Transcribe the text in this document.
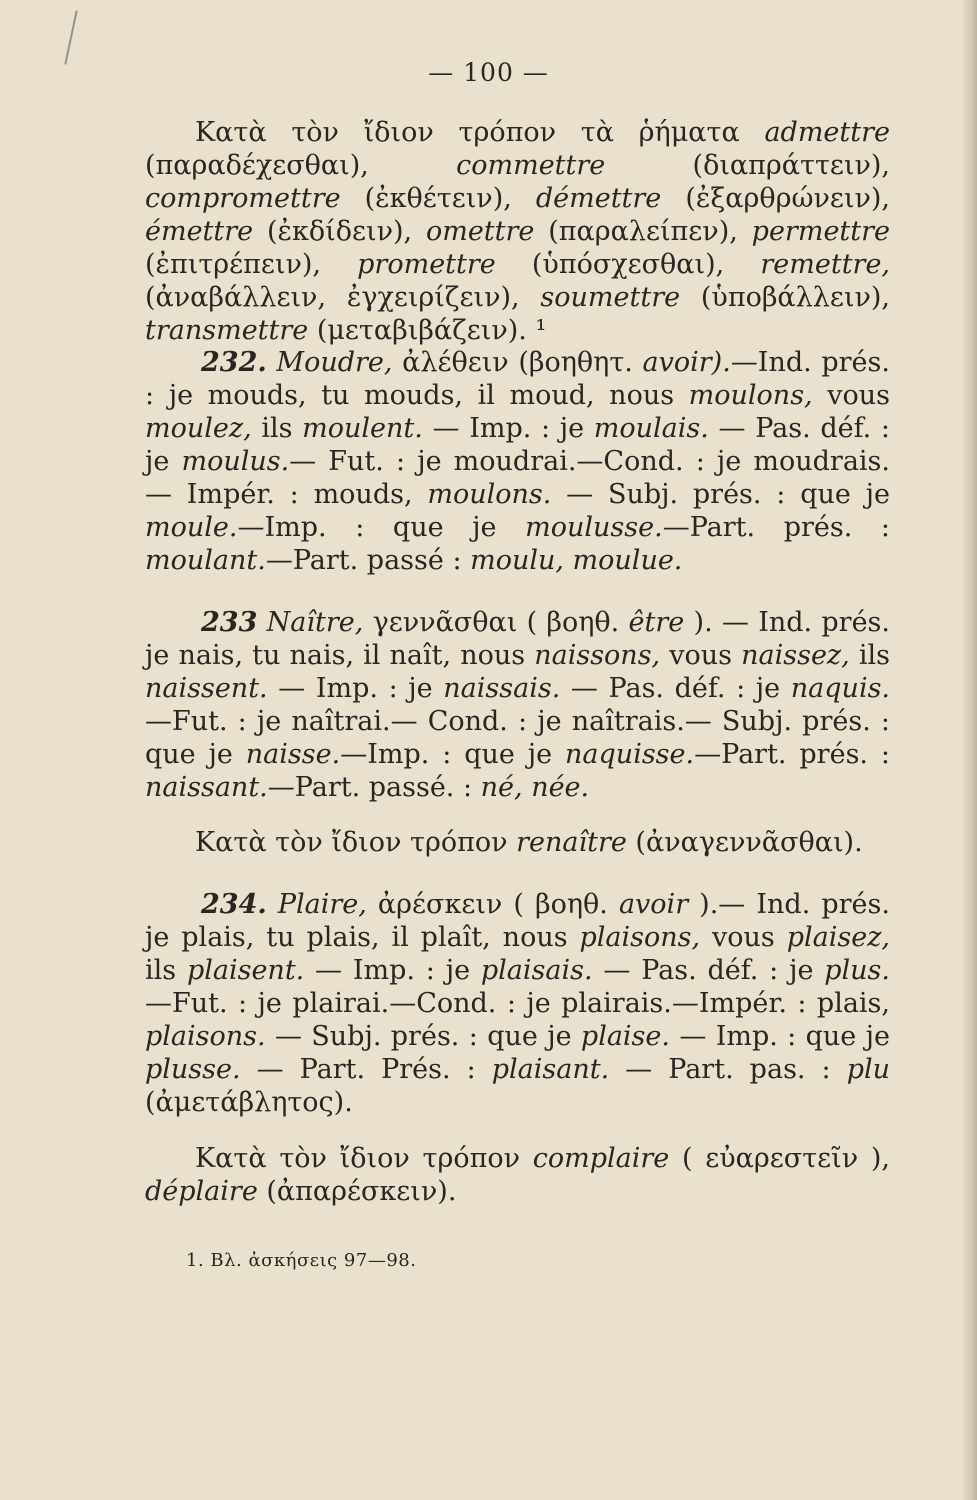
— 100 —

Κατὰ τὸν ἴδιον τρόπον τὰ ῥήματα admettre (παραδέχεσθαι), commettre (διαπράττειν), compromettre (ἐκθέτειν), démettre (ἐξαρθρώνειν), émettre (ἐκδίδειν), omettre (παραλείπεν), permettre (ἐπιτρέπειν), promettre (ὑπόσχεσθαι), remettre, (ἀναβάλλειν, ἐγχειρίζειν), soumettre (ὑποβάλλειν), transmettre (μεταβιβάζειν). ¹

232. Moudre, ἀλέθειν (βοηθητ. avoir).—Ind. prés. : je mouds, tu mouds, il moud, nous moulons, vous moulez, ils moulent. — Imp. : je moulais. — Pas. déf. : je moulus.— Fut. : je moudrai.—Cond. : je moudrais. — Impér. : mouds, moulons. — Subj. prés. : que je moule.—Imp. : que je moulusse.—Part. prés. : moulant.—Part. passé : moulu, moulue.

233 Naître, γεννᾶσθαι ( βοηθ. être ). — Ind. prés. je nais, tu nais, il naît, nous naissons, vous naissez, ils naissent. — Imp. : je naissais. — Pas. déf. : je naquis.—Fut. : je naîtrai.— Cond. : je naîtrais.— Subj. prés. : que je naisse.—Imp. : que je naquisse.—Part. prés. : naissant.—Part. passé. : né, née.

Κατὰ τὸν ἴδιον τρόπον renaître (ἀναγεννᾶσθαι).

234. Plaire, ἀρέσκειν ( βοηθ. avoir ).— Ind. prés. je plais, tu plais, il plaît, nous plaisons, vous plaisez, ils plaisent. — Imp. : je plaisais. — Pas. déf. : je plus.—Fut. : je plairai.—Cond. : je plairais.—Impér. : plais, plaisons. — Subj. prés. : que je plaise. — Imp. : que je plusse. — Part. Prés. : plaisant. — Part. pas. : plu (ἀμετάβλητος).

Κατὰ τὸν ἴδιον τρόπον complaire ( εὐαρεστεῖν ), déplaire (ἀπαρέσκειν).

1. Βλ. ἀσκήσεις 97—98.
